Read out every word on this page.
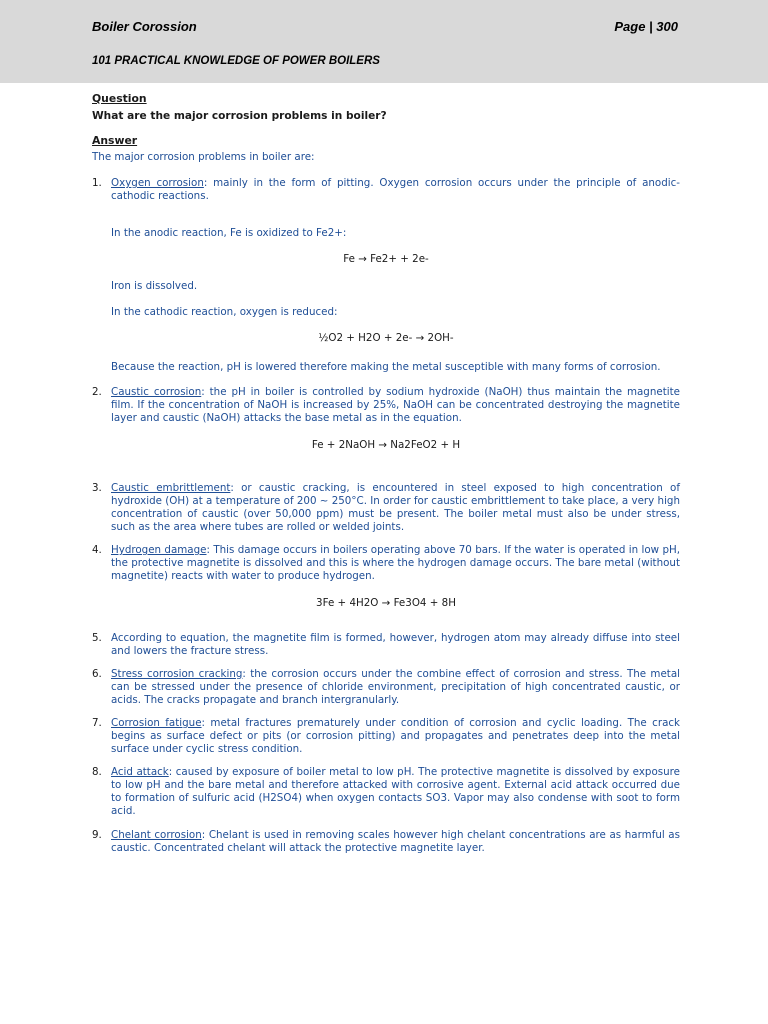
Boiler Corossion	Page | 300
101 PRACTICAL KNOWLEDGE OF POWER BOILERS
Question
What are the major corrosion problems in boiler?
Answer
The major corrosion problems in boiler are:
1. Oxygen corrosion: mainly in the form of pitting. Oxygen corrosion occurs under the principle of anodic-cathodic reactions.
In the anodic reaction, Fe is oxidized to Fe2+:
Fe → Fe2+ + 2e-
Iron is dissolved.
In the cathodic reaction, oxygen is reduced:
½O2 + H2O + 2e- → 2OH-
Because the reaction, pH is lowered therefore making the metal susceptible with many forms of corrosion.
2. Caustic corrosion: the pH in boiler is controlled by sodium hydroxide (NaOH) thus maintain the magnetite film. If the concentration of NaOH is increased by 25%, NaOH can be concentrated destroying the magnetite layer and caustic (NaOH) attacks the base metal as in the equation.
Fe + 2NaOH → Na2FeO2 + H
3. Caustic embrittlement: or caustic cracking, is encountered in steel exposed to high concentration of hydroxide (OH) at a temperature of 200 ~ 250°C. In order for caustic embrittlement to take place, a very high concentration of caustic (over 50,000 ppm) must be present. The boiler metal must also be under stress, such as the area where tubes are rolled or welded joints.
4. Hydrogen damage: This damage occurs in boilers operating above 70 bars. If the water is operated in low pH, the protective magnetite is dissolved and this is where the hydrogen damage occurs. The bare metal (without magnetite) reacts with water to produce hydrogen.
3Fe + 4H2O → Fe3O4 + 8H
5. According to equation, the magnetite film is formed, however, hydrogen atom may already diffuse into steel and lowers the fracture stress.
6. Stress corrosion cracking: the corrosion occurs under the combine effect of corrosion and stress. The metal can be stressed under the presence of chloride environment, precipitation of high concentrated caustic, or acids. The cracks propagate and branch intergranularly.
7. Corrosion fatigue: metal fractures prematurely under condition of corrosion and cyclic loading. The crack begins as surface defect or pits (or corrosion pitting) and propagates and penetrates deep into the metal surface under cyclic stress condition.
8. Acid attack: caused by exposure of boiler metal to low pH. The protective magnetite is dissolved by exposure to low pH and the bare metal and therefore attacked with corrosive agent. External acid attack occurred due to formation of sulfuric acid (H2SO4) when oxygen contacts SO3. Vapor may also condense with soot to form acid.
9. Chelant corrosion: Chelant is used in removing scales however high chelant concentrations are as harmful as caustic. Concentrated chelant will attack the protective magnetite layer.
